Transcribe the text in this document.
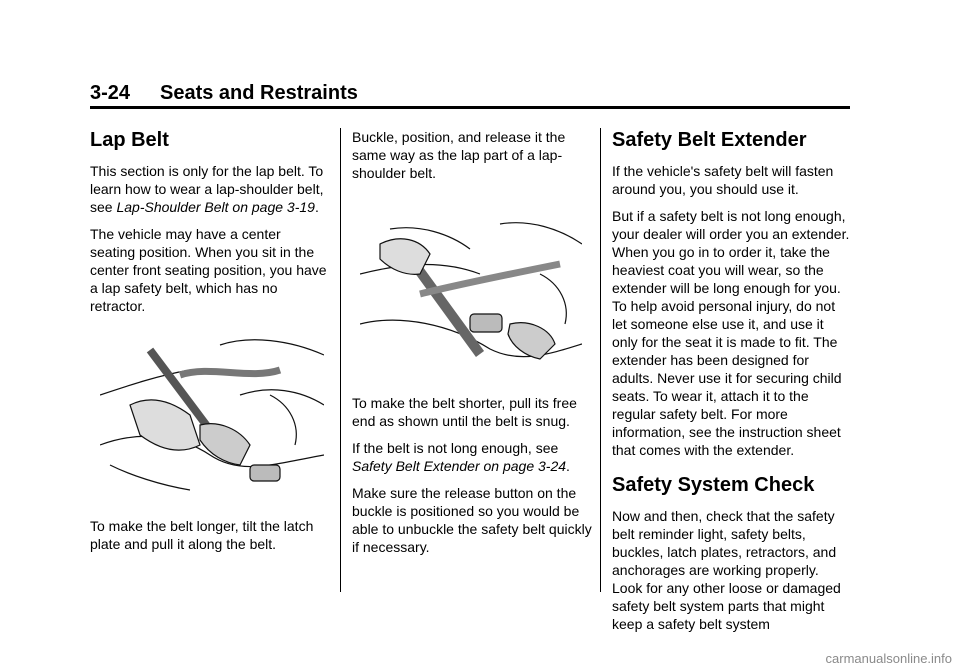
3-24 Seats and Restraints
Lap Belt

This section is only for the lap belt. To learn how to wear a lap-shoulder belt, see Lap-Shoulder Belt on page 3-19.

The vehicle may have a center seating position. When you sit in the center front seating position, you have a lap safety belt, which has no retractor.

To make the belt longer, tilt the latch plate and pull it along the belt.

Buckle, position, and release it the same way as the lap part of a lap-shoulder belt.

To make the belt shorter, pull its free end as shown until the belt is snug.

If the belt is not long enough, see Safety Belt Extender on page 3-24.

Make sure the release button on the buckle is positioned so you would be able to unbuckle the safety belt quickly if necessary.

Safety Belt Extender

If the vehicle's safety belt will fasten around you, you should use it.

But if a safety belt is not long enough, your dealer will order you an extender. When you go in to order it, take the heaviest coat you will wear, so the extender will be long enough for you. To help avoid personal injury, do not let someone else use it, and use it only for the seat it is made to fit. The extender has been designed for adults. Never use it for securing child seats. To wear it, attach it to the regular safety belt. For more information, see the instruction sheet that comes with the extender.

Safety System Check

Now and then, check that the safety belt reminder light, safety belts, buckles, latch plates, retractors, and anchorages are working properly. Look for any other loose or damaged safety belt system parts that might keep a safety belt system

carmanualsonline.info
